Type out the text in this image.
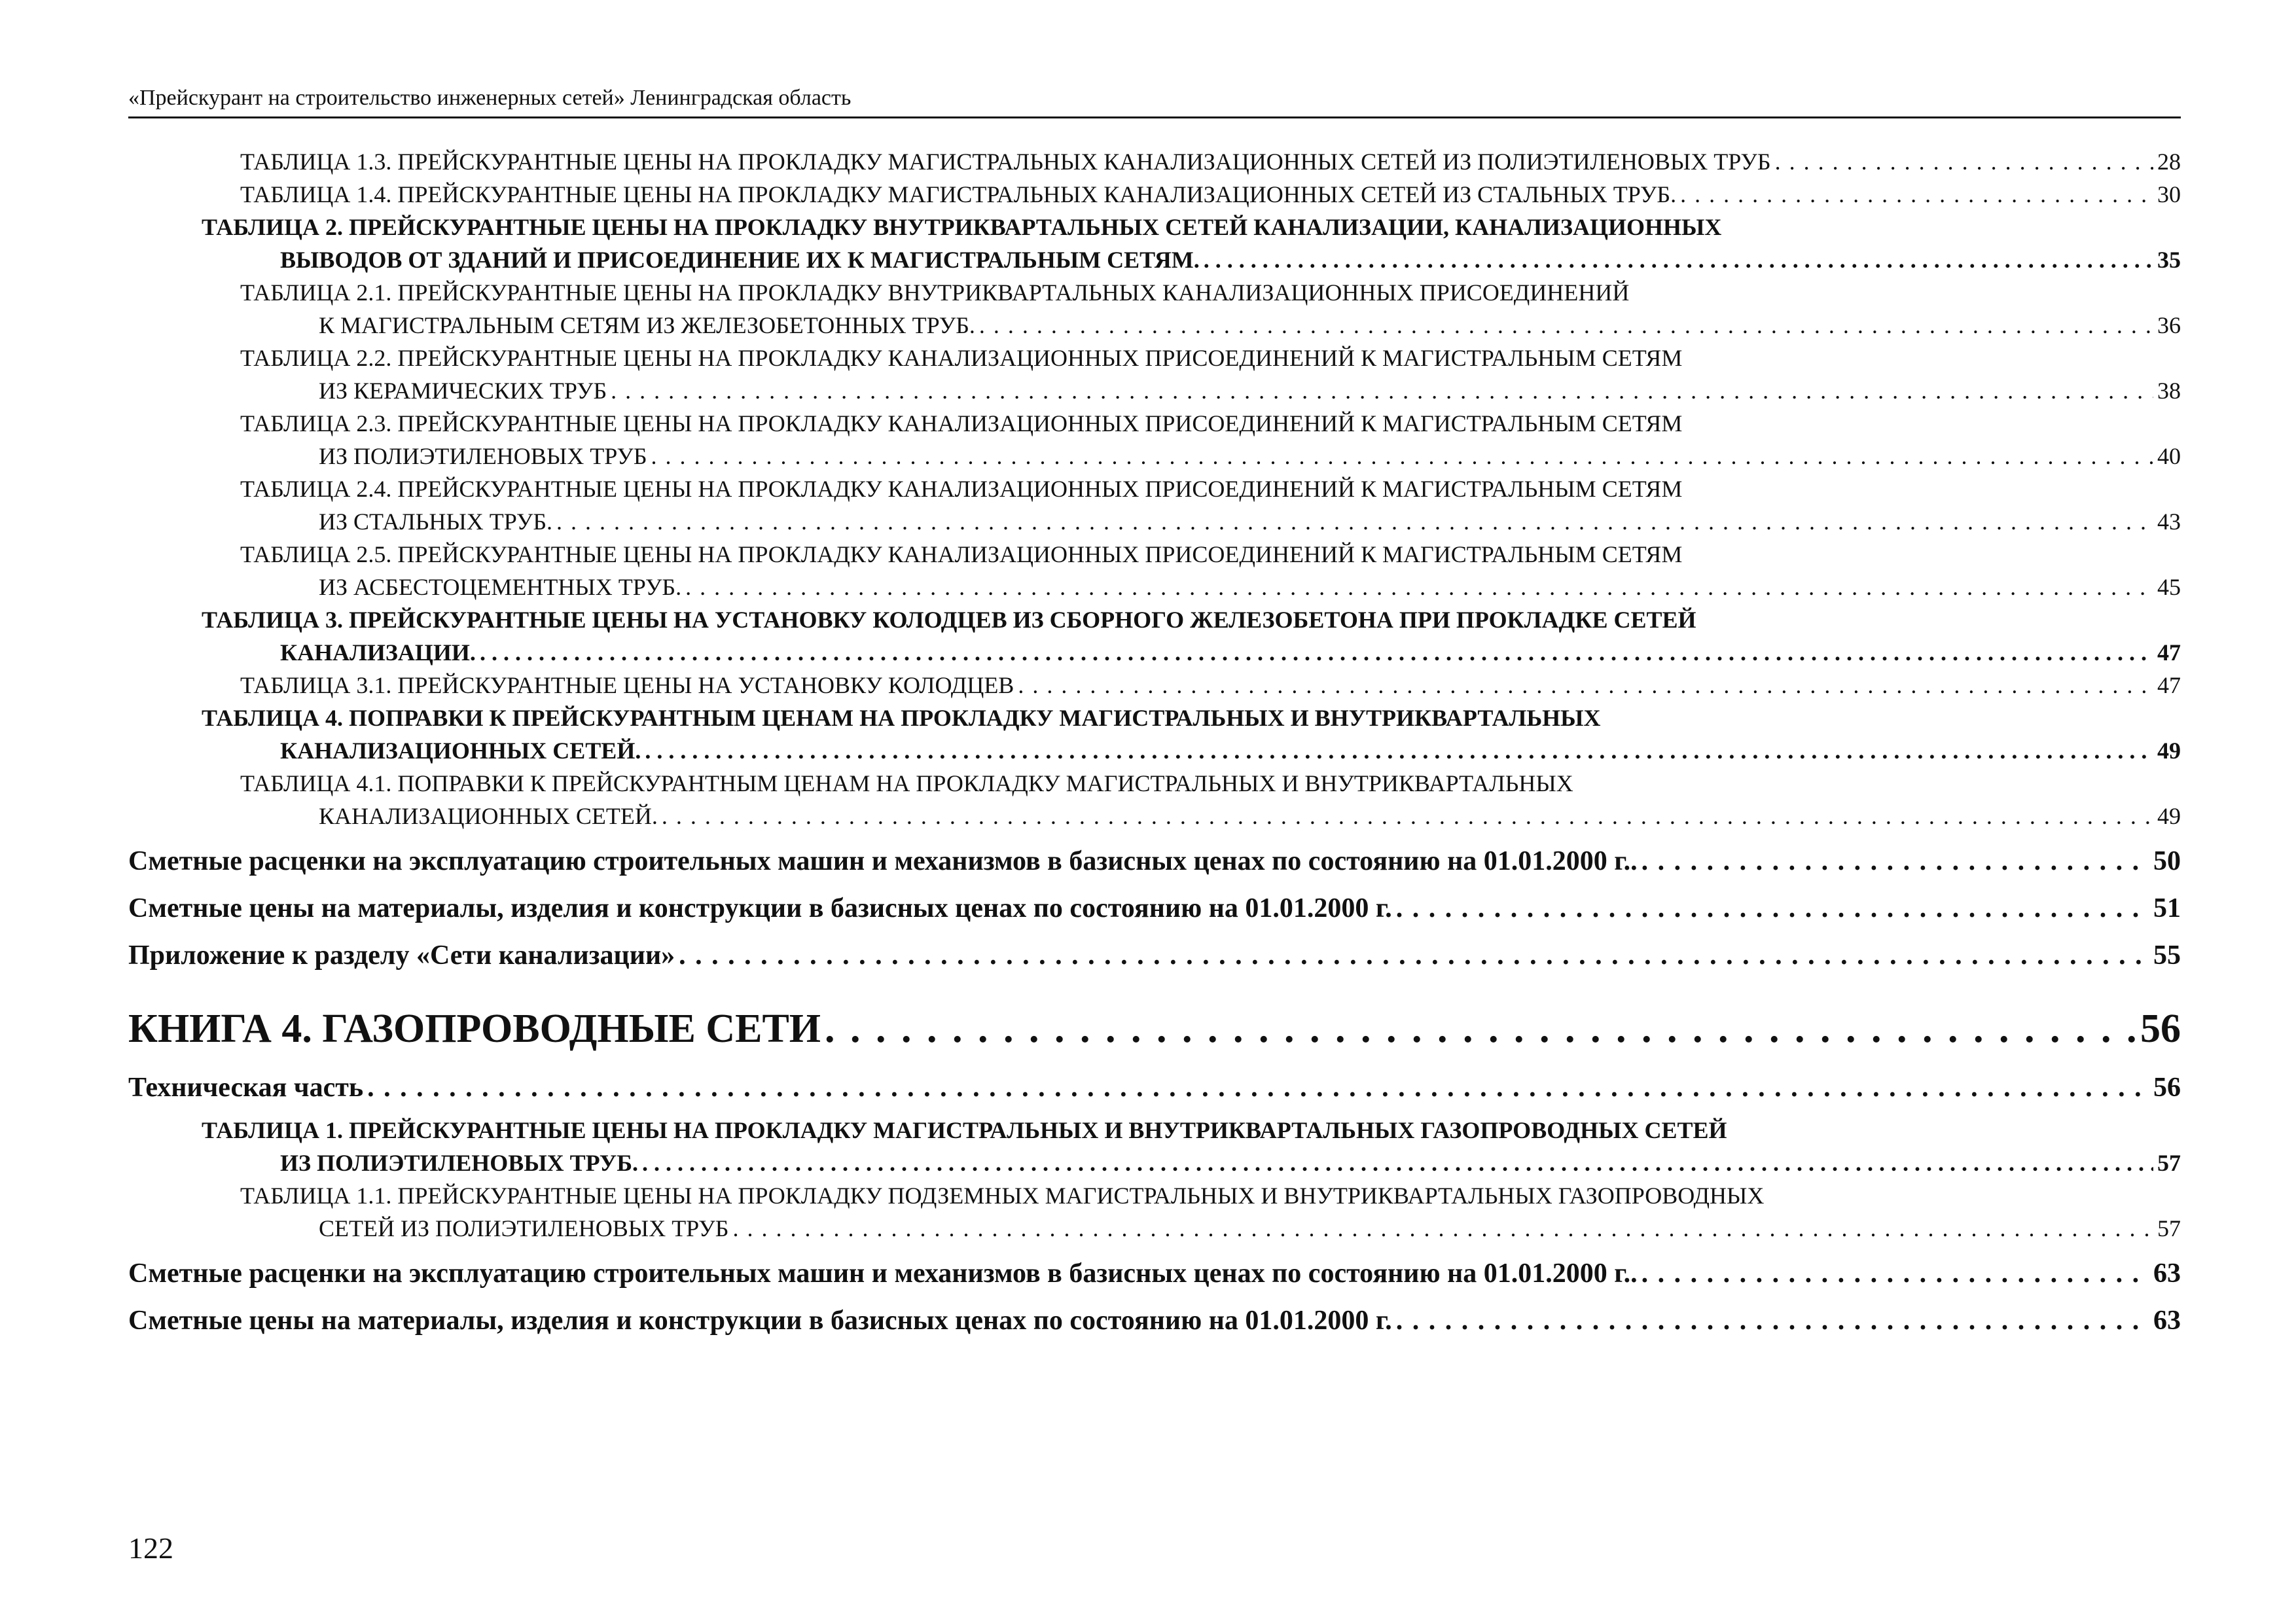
«Прейскурант на строительство инженерных сетей» Ленинградская область
ТАБЛИЦА 1.3. ПРЕЙСКУРАНТНЫЕ ЦЕНЫ НА ПРОКЛАДКУ МАГИСТРАЛЬНЫХ КАНАЛИЗАЦИОННЫХ СЕТЕЙ ИЗ ПОЛИЭТИЛЕНОВЫХ ТРУБ . . .	28
ТАБЛИЦА 1.4. ПРЕЙСКУРАНТНЫЕ ЦЕНЫ НА ПРОКЛАДКУ МАГИСТРАЛЬНЫХ КАНАЛИЗАЦИОННЫХ СЕТЕЙ ИЗ СТАЛЬНЫХ ТРУБ. . . .	30
ТАБЛИЦА 2. ПРЕЙСКУРАНТНЫЕ ЦЕНЫ НА ПРОКЛАДКУ ВНУТРИКВАРТАЛЬНЫХ СЕТЕЙ КАНАЛИЗАЦИИ, КАНАЛИЗАЦИОННЫХ
ВЫВОДОВ ОТ ЗДАНИЙ И ПРИСОЕДИНЕНИЕ ИХ К МАГИСТРАЛЬНЫМ СЕТЯМ. . . .	35
ТАБЛИЦА 2.1. ПРЕЙСКУРАНТНЫЕ ЦЕНЫ НА ПРОКЛАДКУ ВНУТРИКВАРТАЛЬНЫХ КАНАЛИЗАЦИОННЫХ ПРИСОЕДИНЕНИЙ
К МАГИСТРАЛЬНЫМ СЕТЯМ ИЗ ЖЕЛЕЗОБЕТОННЫХ ТРУБ. . . .	36
ТАБЛИЦА 2.2. ПРЕЙСКУРАНТНЫЕ ЦЕНЫ НА ПРОКЛАДКУ КАНАЛИЗАЦИОННЫХ ПРИСОЕДИНЕНИЙ К МАГИСТРАЛЬНЫМ СЕТЯМ
ИЗ КЕРАМИЧЕСКИХ ТРУБ . . .	38
ТАБЛИЦА 2.3. ПРЕЙСКУРАНТНЫЕ ЦЕНЫ НА ПРОКЛАДКУ КАНАЛИЗАЦИОННЫХ ПРИСОЕДИНЕНИЙ К МАГИСТРАЛЬНЫМ СЕТЯМ
ИЗ ПОЛИЭТИЛЕНОВЫХ ТРУБ . . .	40
ТАБЛИЦА 2.4. ПРЕЙСКУРАНТНЫЕ ЦЕНЫ НА ПРОКЛАДКУ КАНАЛИЗАЦИОННЫХ ПРИСОЕДИНЕНИЙ К МАГИСТРАЛЬНЫМ СЕТЯМ
ИЗ СТАЛЬНЫХ ТРУБ. . . .	43
ТАБЛИЦА 2.5. ПРЕЙСКУРАНТНЫЕ ЦЕНЫ НА ПРОКЛАДКУ КАНАЛИЗАЦИОННЫХ ПРИСОЕДИНЕНИЙ К МАГИСТРАЛЬНЫМ СЕТЯМ
ИЗ АСБЕСТОЦЕМЕНТНЫХ ТРУБ. . . .	45
ТАБЛИЦА 3. ПРЕЙСКУРАНТНЫЕ ЦЕНЫ НА УСТАНОВКУ КОЛОДЦЕВ ИЗ СБОРНОГО ЖЕЛЕЗОБЕТОНА ПРИ ПРОКЛАДКЕ СЕТЕЙ
КАНАЛИЗАЦИИ. . . .	47
ТАБЛИЦА 3.1. ПРЕЙСКУРАНТНЫЕ ЦЕНЫ НА УСТАНОВКУ КОЛОДЦЕВ . . .	47
ТАБЛИЦА 4. ПОПРАВКИ К ПРЕЙСКУРАНТНЫМ ЦЕНАМ НА ПРОКЛАДКУ МАГИСТРАЛЬНЫХ И ВНУТРИКВАРТАЛЬНЫХ
КАНАЛИЗАЦИОННЫХ СЕТЕЙ. . . .	49
ТАБЛИЦА 4.1. ПОПРАВКИ К ПРЕЙСКУРАНТНЫМ ЦЕНАМ НА ПРОКЛАДКУ МАГИСТРАЛЬНЫХ И ВНУТРИКВАРТАЛЬНЫХ
КАНАЛИЗАЦИОННЫХ СЕТЕЙ. . . .	49
Сметные расценки на эксплуатацию строительных машин и механизмов в базисных ценах по состоянию на 01.01.2000 г.. . . .	50
Сметные цены на материалы, изделия и конструкции в базисных ценах по состоянию на 01.01.2000 г. . . .	51
Приложение к разделу «Сети канализации» . . .	55
КНИГА 4. ГАЗОПРОВОДНЫЕ СЕТИ . . .	56
Техническая часть . . .	56
ТАБЛИЦА 1. ПРЕЙСКУРАНТНЫЕ ЦЕНЫ НА ПРОКЛАДКУ МАГИСТРАЛЬНЫХ И ВНУТРИКВАРТАЛЬНЫХ ГАЗОПРОВОДНЫХ СЕТЕЙ
ИЗ ПОЛИЭТИЛЕНОВЫХ ТРУБ. . . .	57
ТАБЛИЦА 1.1. ПРЕЙСКУРАНТНЫЕ ЦЕНЫ НА ПРОКЛАДКУ ПОДЗЕМНЫХ МАГИСТРАЛЬНЫХ И ВНУТРИКВАРТАЛЬНЫХ ГАЗОПРОВОДНЫХ
СЕТЕЙ ИЗ ПОЛИЭТИЛЕНОВЫХ ТРУБ . . .	57
Сметные расценки на эксплуатацию строительных машин и механизмов в базисных ценах по состоянию на 01.01.2000 г.. . . .	63
Сметные цены на материалы, изделия и конструкции в базисных ценах по состоянию на 01.01.2000 г. . . .	63
122
